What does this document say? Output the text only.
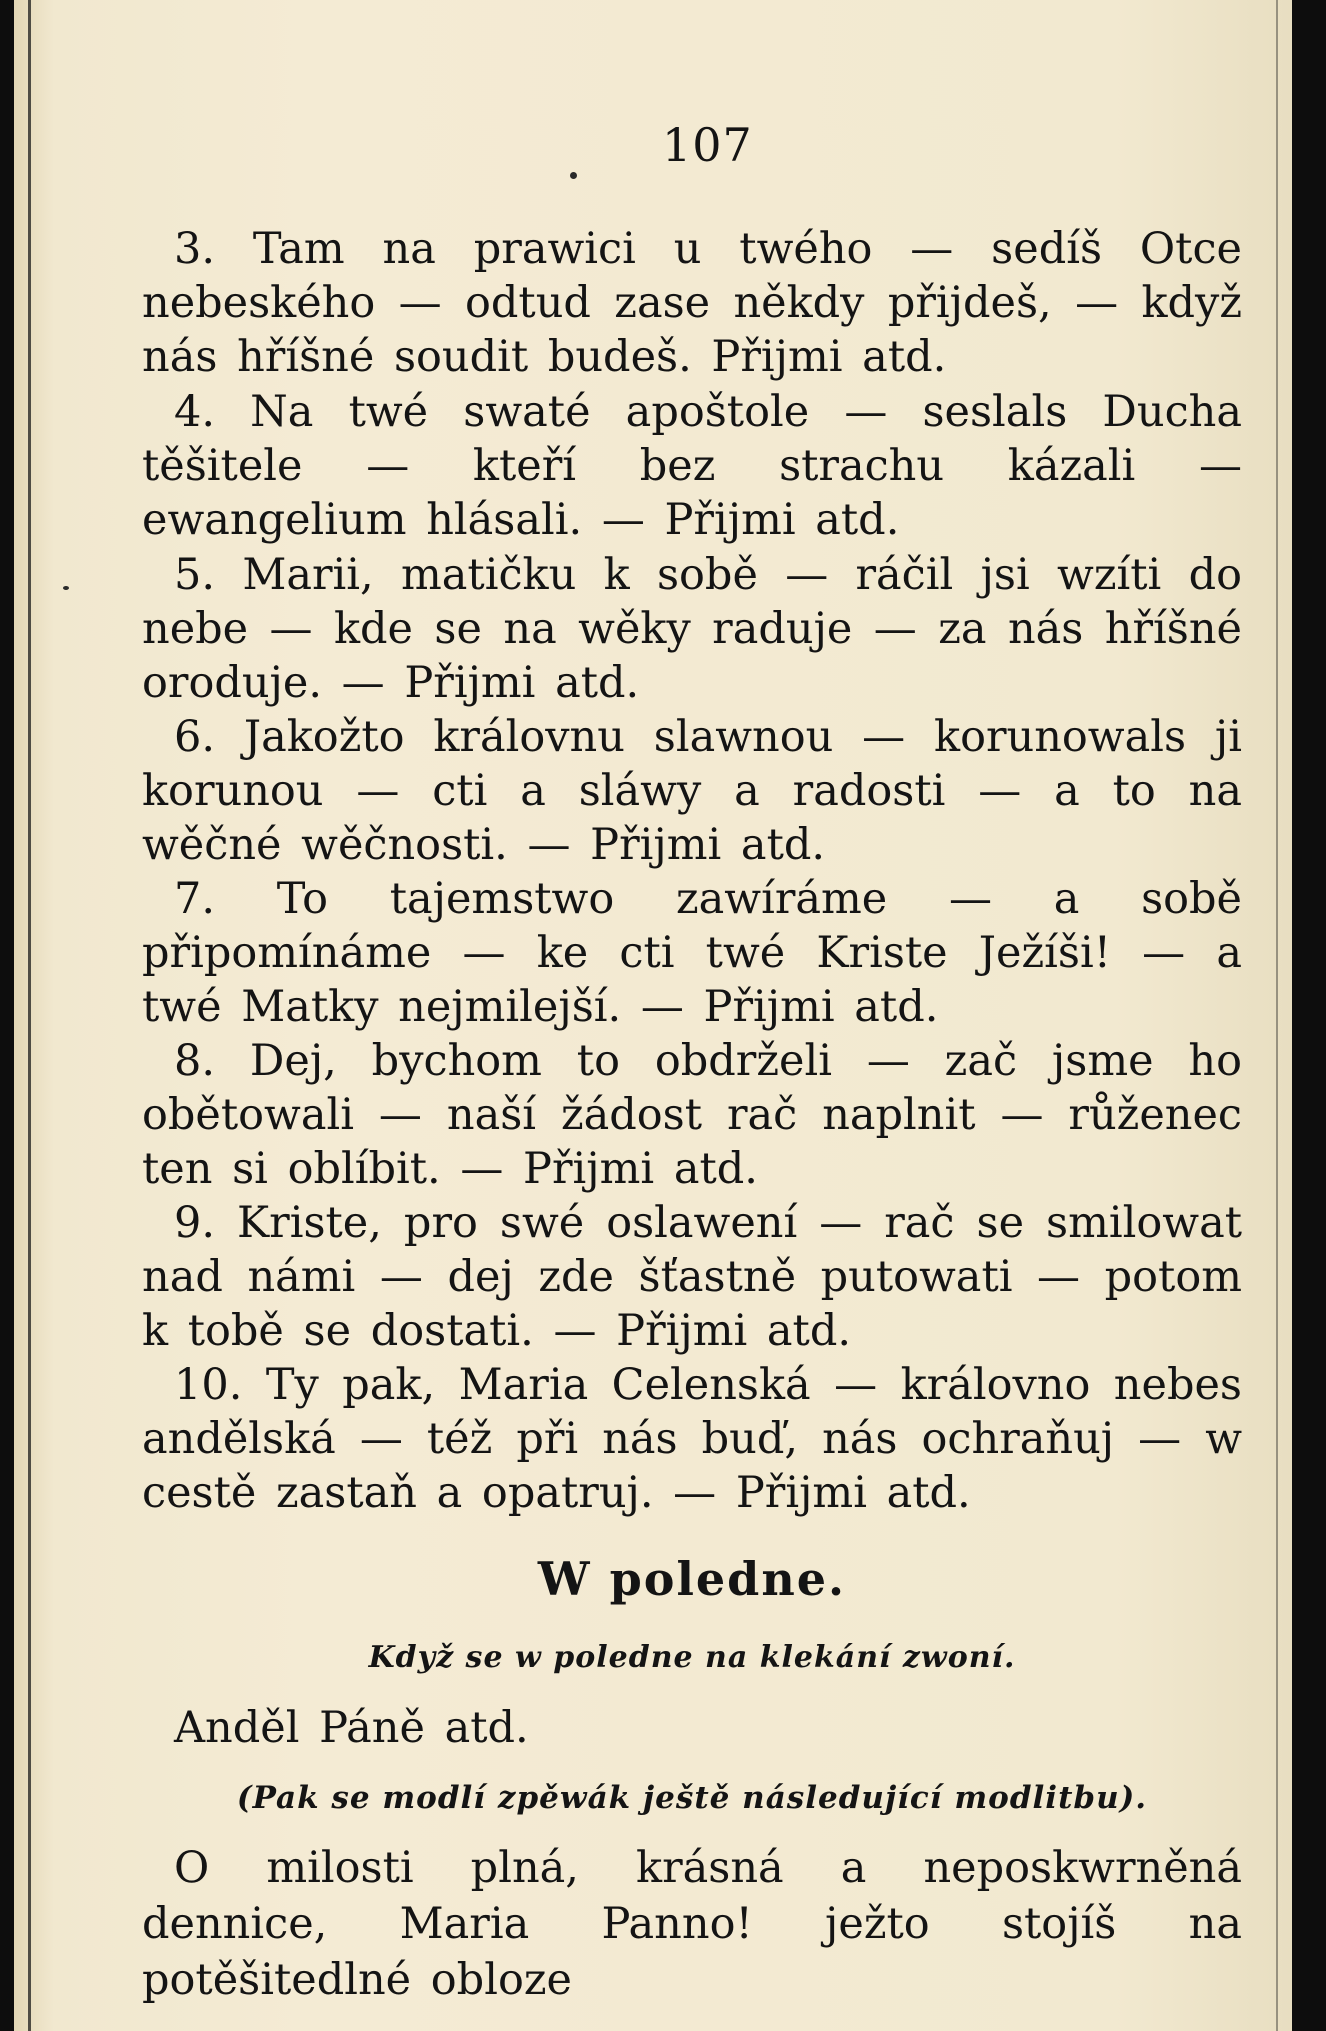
107
3. Tam na prawici u twého — sedíš Otce nebeského — odtud zase někdy přijdeš, — když nás hříšné soudit budeš. Přijmi atd.
4. Na twé swaté apoštole — seslals Ducha těšitele — kteří bez strachu kázali — ewangelium hlásali. — Přijmi atd.
5. Marii, matičku k sobě — ráčil jsi wzíti do nebe — kde se na wěky raduje — za nás hříšné oroduje. — Přijmi atd.
6. Jakožto královnu slawnou — korunowals ji korunou — cti a sláwy a radosti — a to na wěčné wěčnosti. — Přijmi atd.
7. To tajemstwo zawíráme — a sobě připomínáme — ke cti twé Kriste Ježíši! — a twé Matky nejmilejší. — Přijmi atd.
8. Dej, bychom to obdrželi — zač jsme ho obětowali — naší žádost rač naplnit — růženec ten si oblíbit. — Přijmi atd.
9. Kriste, pro swé oslawení — rač se smilowat nad námi — dej zde šťastně putowati — potom k tobě se dostati. — Přijmi atd.
10. Ty pak, Maria Celenská — královno nebes andělská — též při nás buď, nás ochraňuj — w cestě zastaň a opatruj. — Přijmi atd.
W poledne.
Když se w poledne na klekání zwoní.
Anděl Páně atd.
(Pak se modlí zpěwák ještě následující modlitbu).
O milosti plná, krásná a neposkwrněná dennice, Maria Panno! ježto stojíš na potěšitedlné obloze
